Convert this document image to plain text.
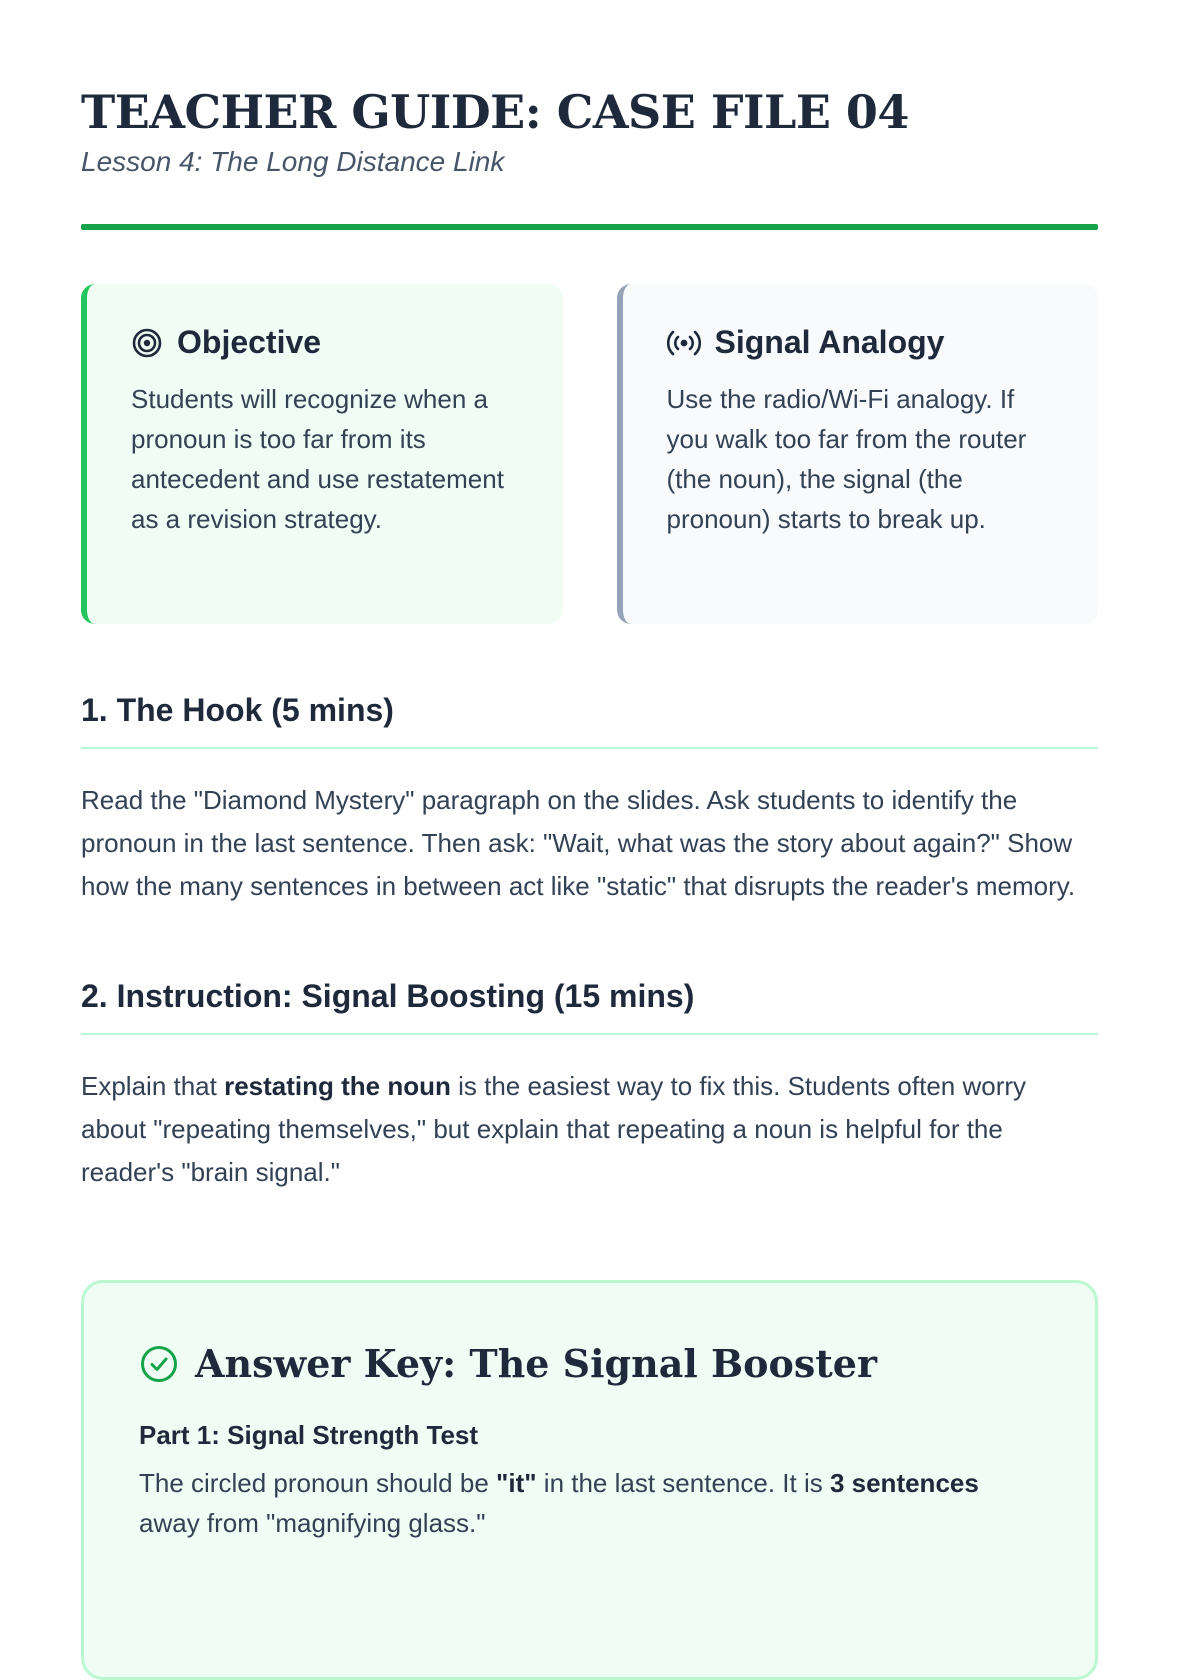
TEACHER GUIDE: CASE FILE 04
Lesson 4: The Long Distance Link
Objective
Students will recognize when a pronoun is too far from its antecedent and use restatement as a revision strategy.
Signal Analogy
Use the radio/Wi-Fi analogy. If you walk too far from the router (the noun), the signal (the pronoun) starts to break up.
1. The Hook (5 mins)
Read the "Diamond Mystery" paragraph on the slides. Ask students to identify the pronoun in the last sentence. Then ask: "Wait, what was the story about again?" Show how the many sentences in between act like "static" that disrupts the reader's memory.
2. Instruction: Signal Boosting (15 mins)
Explain that restating the noun is the easiest way to fix this. Students often worry about "repeating themselves," but explain that repeating a noun is helpful for the reader's "brain signal."
Answer Key: The Signal Booster
Part 1: Signal Strength Test
The circled pronoun should be "it" in the last sentence. It is 3 sentences away from "magnifying glass."
